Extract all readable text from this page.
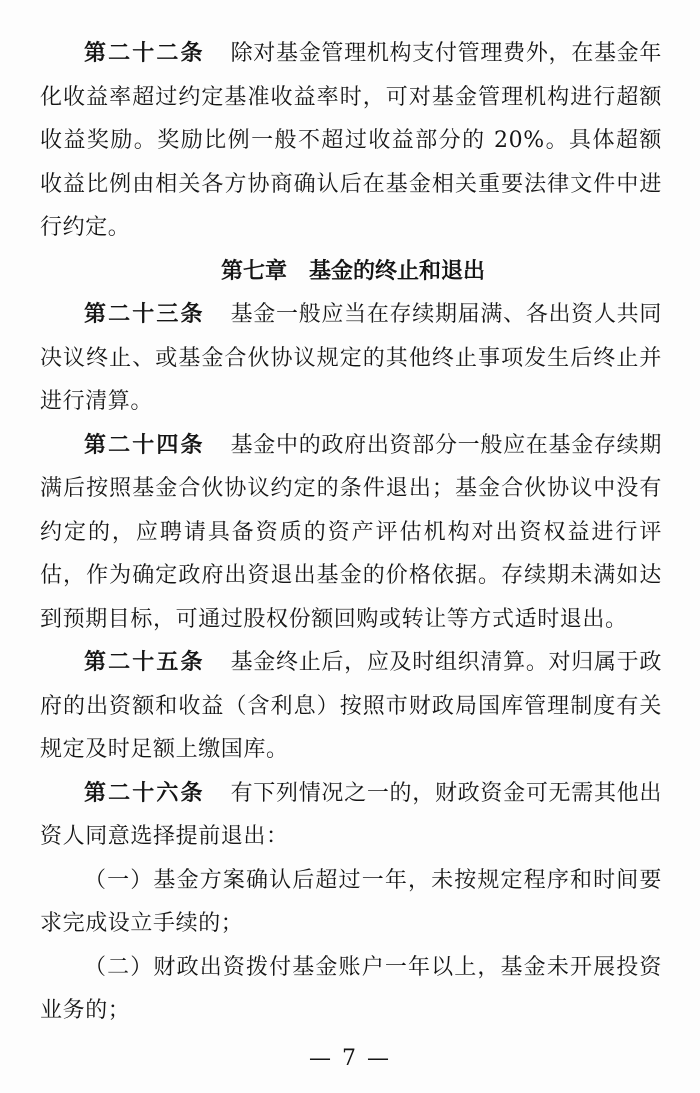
第二十二条 除对基金管理机构支付管理费外，在基金年化收益率超过约定基准收益率时，可对基金管理机构进行超额收益奖励。奖励比例一般不超过收益部分的 20%。具体超额收益比例由相关各方协商确认后在基金相关重要法律文件中进行约定。

第七章 基金的终止和退出

第二十三条 基金一般应当在存续期届满、各出资人共同决议终止、或基金合伙协议规定的其他终止事项发生后终止并进行清算。

第二十四条 基金中的政府出资部分一般应在基金存续期满后按照基金合伙协议约定的条件退出；基金合伙协议中没有约定的，应聘请具备资质的资产评估机构对出资权益进行评估，作为确定政府出资退出基金的价格依据。存续期未满如达到预期目标，可通过股权份额回购或转让等方式适时退出。

第二十五条 基金终止后，应及时组织清算。对归属于政府的出资额和收益（含利息）按照市财政局国库管理制度有关规定及时足额上缴国库。

第二十六条 有下列情况之一的，财政资金可无需其他出资人同意选择提前退出：

（一）基金方案确认后超过一年，未按规定程序和时间要求完成设立手续的；

（二）财政出资拨付基金账户一年以上，基金未开展投资业务的；

— 7 —
